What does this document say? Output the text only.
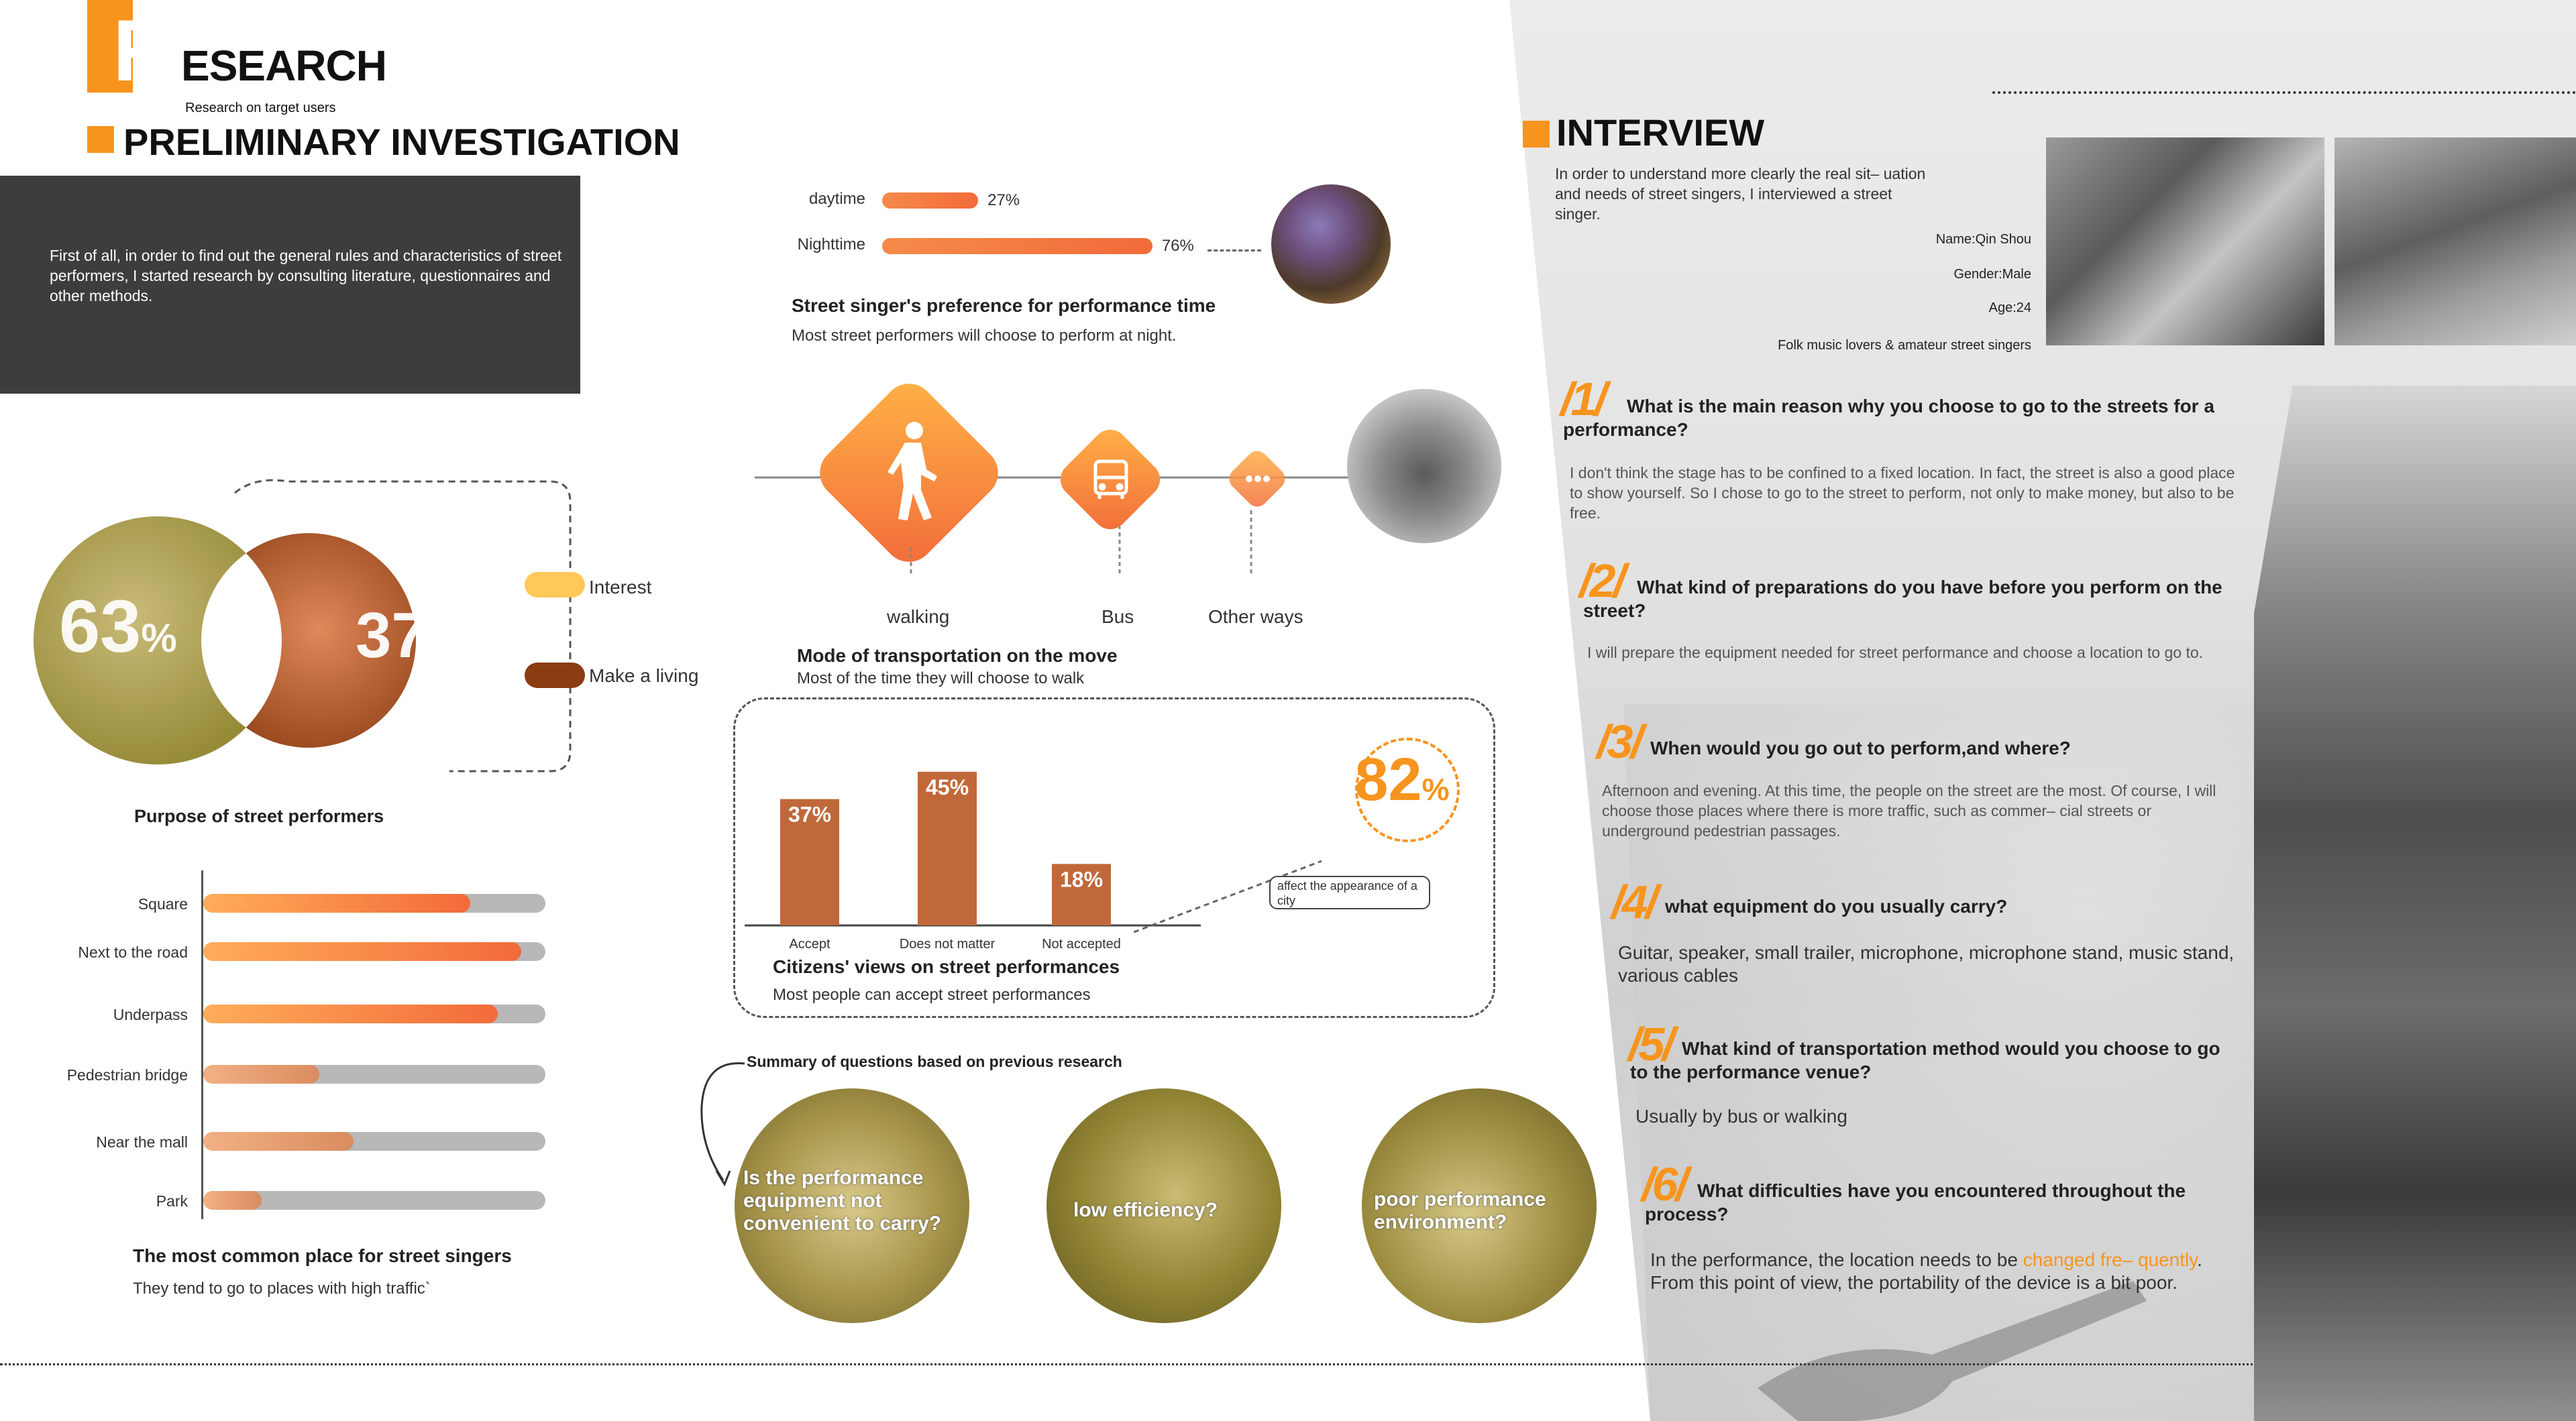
R ESEARCH
Research on target users
PRELIMINARY INVESTIGATION
First of all, in order to find out the general rules and characteristics of street performers, I started research by consulting literature, questionnaires and other methods.
63%	37%
Interest
Make a living
Purpose of street performers
Square
Next to the road
Underpass
Pedestrian bridge
Near the mall
Park
The most common place for street singers
They tend to go to places with high traffic`
daytime	27%
Nighttime	76%
Street singer's preference for performance time
Most street performers will choose to perform at night.
walking	Bus	Other ways
Mode of transportation on the move
Most of the time they will choose to walk
37%
Accept
45%
Does not matter
18%
Not accepted
82%
affect the appearance of a city
Citizens' views on street performances
Most people can accept street performances
Summary of questions based on previous research
Is the performance equipment not convenient to carry?
low efficiency?	poor performance environment?
INTERVIEW
In order to understand more clearly the real sit– uation and needs of street singers, I interviewed a street singer.
Name:Qin Shou
Gender:Male
Age:24
Folk music lovers & amateur street singers
/1/	What is the main reason why you choose to go to the streets for a performance?
I don't think the stage has to be confined to a fixed location. In fact, the street is also a good place to show yourself. So I chose to go to the street to perform, not only to make money, but also to be free.
/2/ What kind of preparations do you have before you perform on the street?
I will prepare the equipment needed for street performance and choose a location to go to.
/3/ When would you go out to perform,and where?
Afternoon and evening. At this time, the people on the street are the most. Of course, I will choose those places where there is more traffic, such as commer– cial streets or underground pedestrian passages.
/4/ what equipment do you usually carry?
Guitar, speaker, small trailer, microphone, microphone stand, music stand, various cables
/5/ What kind of transportation method would you choose to go to the performance venue?
Usually by bus or walking
/6/ What difficulties have you encountered throughout the process?
In the performance, the location needs to be changed fre– quently. From this point of view, the portability of the device is a bit poor.
